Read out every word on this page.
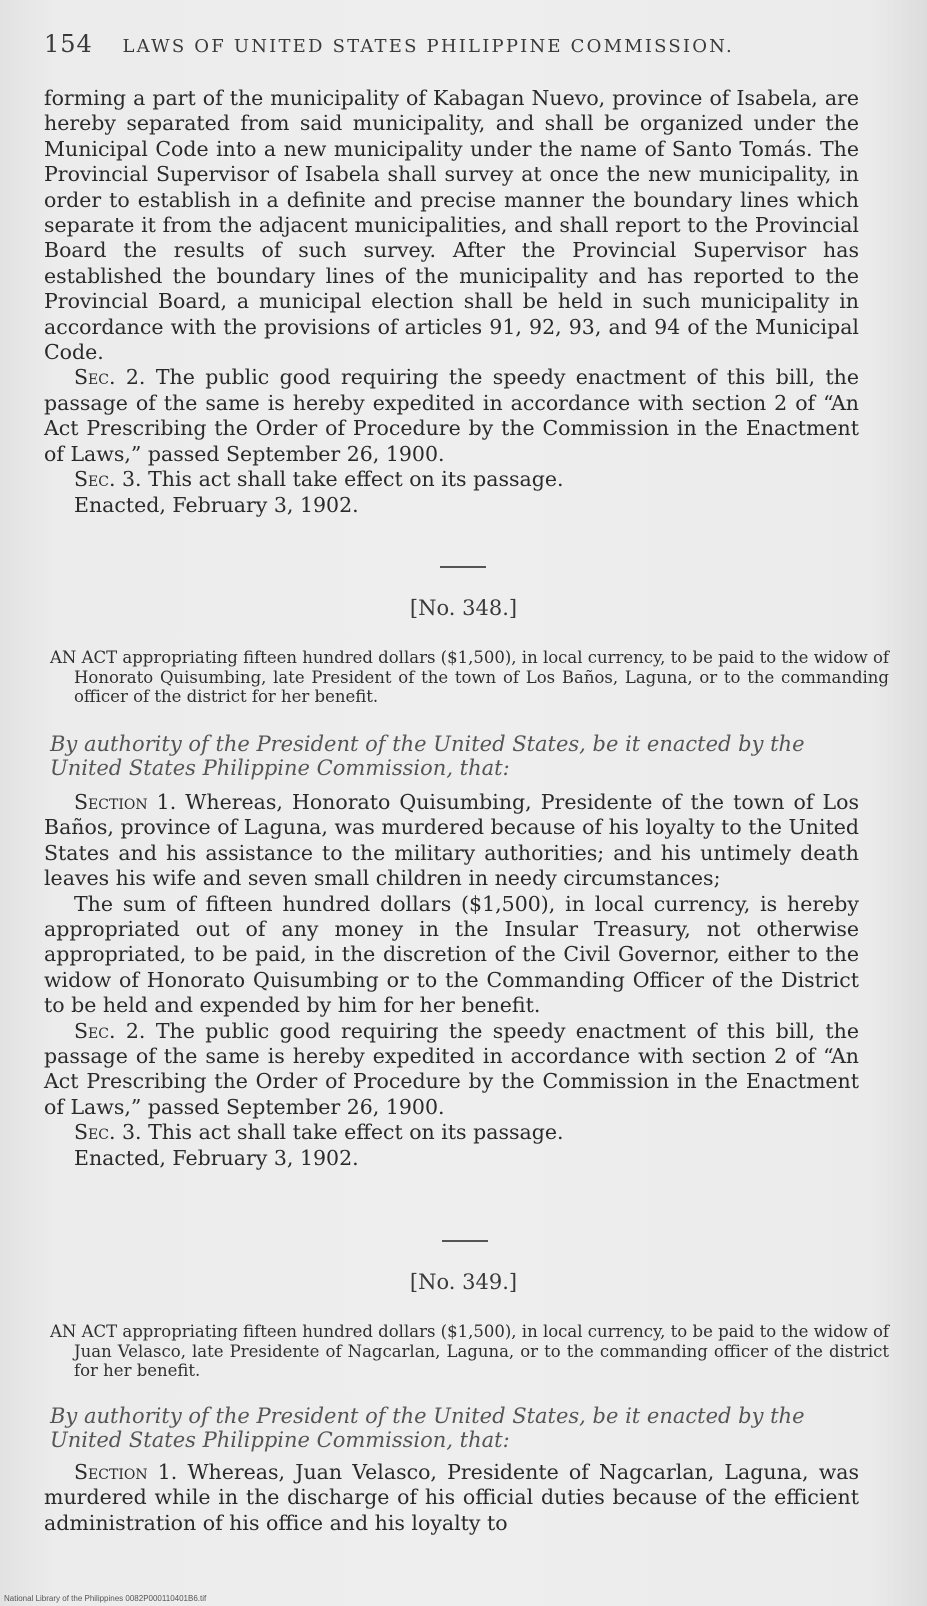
154 LAWS OF UNITED STATES PHILIPPINE COMMISSION.

forming a part of the municipality of Kabagan Nuevo, province of Isabela, are hereby separated from said municipality, and shall be organized under the Municipal Code into a new municipality under the name of Santo Tomás. The Provincial Supervisor of Isabela shall survey at once the new municipality, in order to establish in a definite and precise manner the boundary lines which separate it from the adjacent municipalities, and shall report to the Provincial Board the results of such survey. After the Provincial Supervisor has established the boundary lines of the municipality and has reported to the Provincial Board, a municipal election shall be held in such municipality in accordance with the provisions of articles 91, 92, 93, and 94 of the Municipal Code.

Sec. 2. The public good requiring the speedy enactment of this bill, the passage of the same is hereby expedited in accordance with section 2 of “An Act Prescribing the Order of Procedure by the Commission in the Enactment of Laws,” passed September 26, 1900.

Sec. 3. This act shall take effect on its passage.

Enacted, February 3, 1902.

[No. 348.]
AN ACT appropriating fifteen hundred dollars ($1,500), in local currency, to be paid to the widow of Honorato Quisumbing, late President of the town of Los Baños, Laguna, or to the commanding officer of the district for her benefit.
By authority of the President of the United States, be it enacted by the United States Philippine Commission, that:

Section 1. Whereas, Honorato Quisumbing, Presidente of the town of Los Baños, province of Laguna, was murdered because of his loyalty to the United States and his assistance to the military authorities; and his untimely death leaves his wife and seven small children in needy circumstances;

The sum of fifteen hundred dollars ($1,500), in local currency, is hereby appropriated out of any money in the Insular Treasury, not otherwise appropriated, to be paid, in the discretion of the Civil Governor, either to the widow of Honorato Quisumbing or to the Commanding Officer of the District to be held and expended by him for her benefit.

Sec. 2. The public good requiring the speedy enactment of this bill, the passage of the same is hereby expedited in accordance with section 2 of “An Act Prescribing the Order of Procedure by the Commission in the Enactment of Laws,” passed September 26, 1900.

Sec. 3. This act shall take effect on its passage.

Enacted, February 3, 1902.

[No. 349.]
AN ACT appropriating fifteen hundred dollars ($1,500), in local currency, to be paid to the widow of Juan Velasco, late Presidente of Nagcarlan, Laguna, or to the commanding officer of the district for her benefit.
By authority of the President of the United States, be it enacted by the United States Philippine Commission, that:

Section 1. Whereas, Juan Velasco, Presidente of Nagcarlan, Laguna, was murdered while in the discharge of his official duties because of the efficient administration of his office and his loyalty to

National Library of the Philippines 0082P000110401B6.tif
